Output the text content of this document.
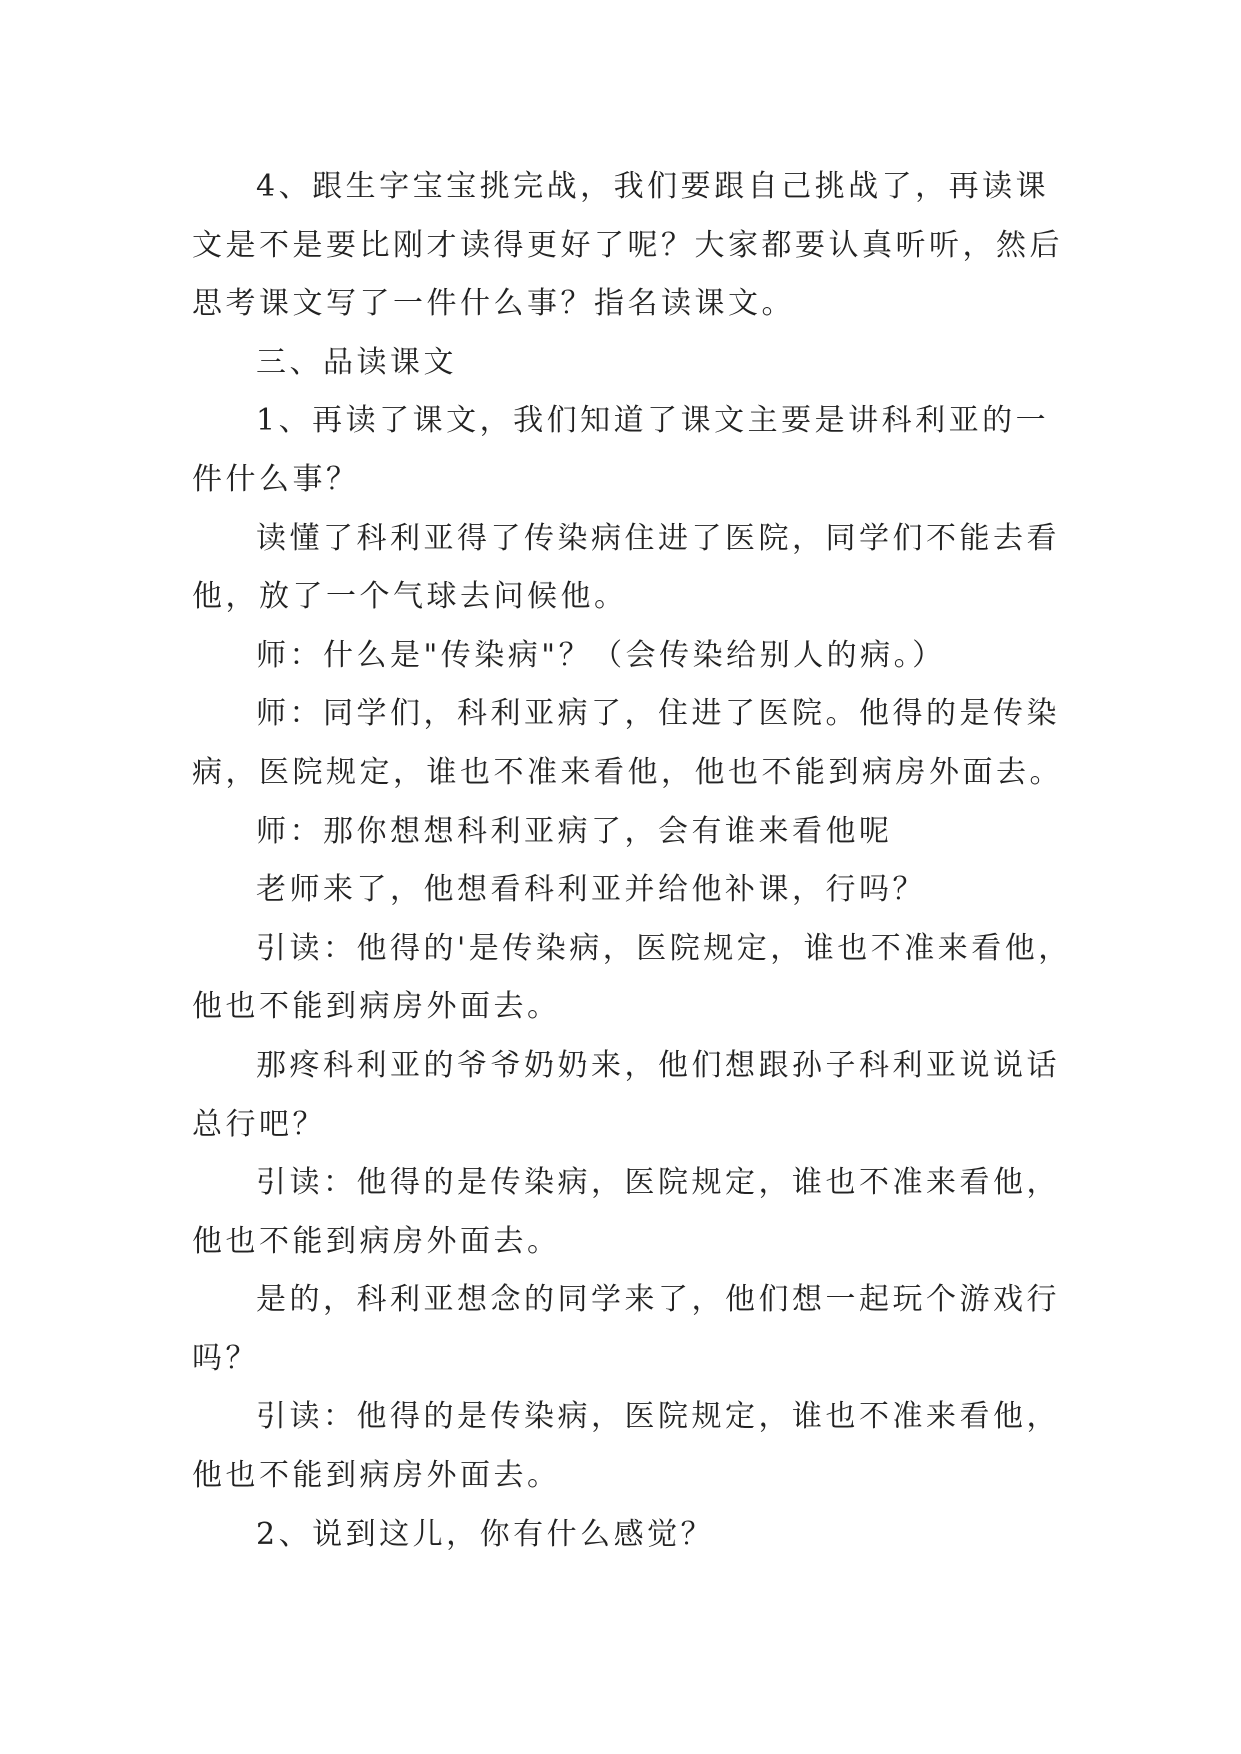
4、跟生字宝宝挑完战，我们要跟自己挑战了，再读课文是不是要比刚才读得更好了呢？大家都要认真听听，然后思考课文写了一件什么事？指名读课文。

三、品读课文

1、再读了课文，我们知道了课文主要是讲科利亚的一件什么事？

读懂了科利亚得了传染病住进了医院，同学们不能去看他，放了一个气球去问候他。

师：什么是"传染病"？（会传染给别人的病。）

师：同学们，科利亚病了，住进了医院。他得的是传染病，医院规定，谁也不准来看他，他也不能到病房外面去。

师：那你想想科利亚病了，会有谁来看他呢

老师来了，他想看科利亚并给他补课，行吗？

引读：他得的'是传染病，医院规定，谁也不准来看他，他也不能到病房外面去。

那疼科利亚的爷爷奶奶来，他们想跟孙子科利亚说说话总行吧？

引读：他得的是传染病，医院规定，谁也不准来看他，他也不能到病房外面去。

是的，科利亚想念的同学来了，他们想一起玩个游戏行吗？

引读：他得的是传染病，医院规定，谁也不准来看他，他也不能到病房外面去。

2、说到这儿，你有什么感觉？
